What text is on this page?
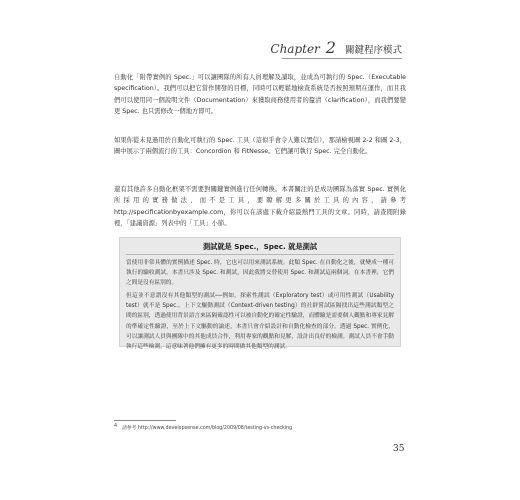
Chapter 2 關鍵程序模式

自動化「附帶實例的 Spec.」可以讓團隊的所有人員理解及讀取，並成為可執行的 Spec.（Executable specification）。我們可以把它當作開發的目標，同時可以輕鬆地檢查系統是否按照預期在運作，而且我們可以使用同一個說明文件（Documentation）來獲取商務使用者的釐清（clarification），而我們要變更 Spec. 也只需修改一個地方即可。

如果你從未見過用於自動化可執行的 Spec. 工具（這似乎會令人難以置信），那請檢視圖 2-2 和圖 2-3，圖中展示了兩個流行的工具：Concordion 和 FitNesse。它們讓可執行 Spec. 完全自動化。

還有其他許多自動化框架不需要對關鍵實例進行任何轉換。本書關注的是成功團隊為落實 Spec. 實例化所採用的實務做法，而不是工具，要瞭解更多關於工具的內容，請參考 http://specificationbyexample.com，你可以在該處下載介紹最熱門工具的文章。同時，請查閱附錄裡，「建議資源」列表中的「工具」小節。

測試就是 Spec.，Spec. 就是測試

當使用非常具體的實例描述 Spec. 時，它也可以用來測試系統。此類 Spec. 在自動化之後，就變成一種可執行的驗收測試。本書只涉及 Spec. 和測試，因此我將交替使用 Spec. 和測試這兩個詞。在本書裡，它們之間是沒有區別的。

但這並不意謂沒有其他類型的測試──例如，探索性測試（Exploratory test）或可用性測試（Usability test）就不是 Spec.。上下文驅動測試（Context-driven testing）的社群嘗試區隔找出這些測試類型之間的區別，透過使用背景語言來區隔確認性可以被自動化的確定性驗證，而體驗是需要個人觀點和專家見解的準確定性驗證，至於上下文驅動的論述，本書只會介紹設計和自動化檢查的部分。透過 Spec. 實例化，可以讓測試人員與團隊中的其他成員合作，利用專家的觀點和見解，設計出良好的檢測。測試人員不會手動執行這些檢測，這意味著他們擁有更多的時間做其他類型的測試。

4 請參考 http://www.developsense.com/blog/2009/08/testing-vs-checking
35
